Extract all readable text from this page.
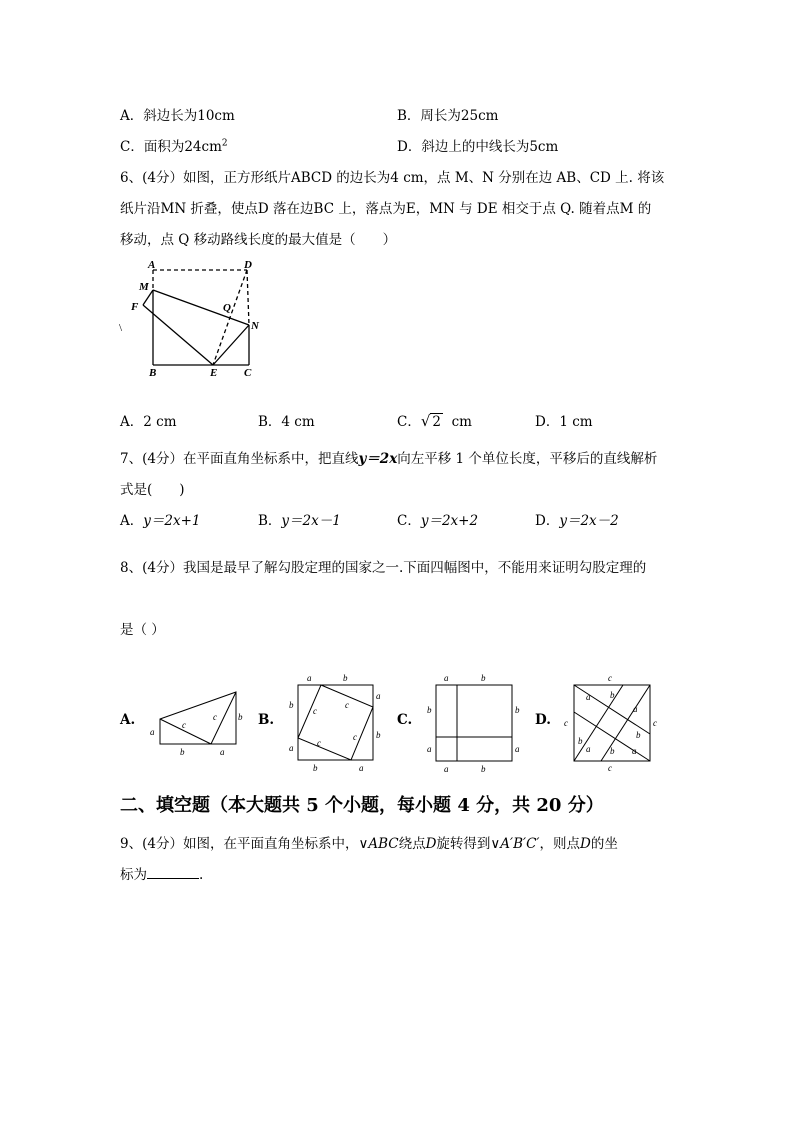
A．斜边长为10cm	B．周长为25cm
C．面积为$24cm^2$	D．斜边上的中线长为5cm
6、(4分）如图，正方形纸片ABCD 的边长为4 cm，点 M、N 分别在边 AB、CD 上. 将该
纸片沿MN 折叠，使点D 落在边BC 上，落点为E，MN 与 DE 相交于点 Q. 随着点M 的
移动，点 Q 移动路线长度的最大值是（　　）
A	D
M
F	Q
N
B	E C
\
A．2 cm	B．4 cm	C．√ 2 cm	D．1 cm
7、(4分）在平面直角坐标系中，把直线y＝2x向左平移 1 个单位长度，平移后的直线解析
式是(　　)
A．y＝2x+1	B．y＝2x－1	C．y＝2x+2	D．y＝2x－2
8、(4分）我国是最早了解勾股定理的国家之一.下面四幅图中，不能用来证明勾股定理的
是（ ）
A.	B.	C.	D.
a
c
c b
b	a
a	b
a
b
b	a
b
a
c
c
c
c
a	b
b	b
a	a
a	b
c
c	c
c
a b
a
b
b
a b a
二、填空题（本大题共 5 个小题，每小题 4 分，共 20 分）
9、(4分）如图，在平面直角坐标系中，∨ABC绕点D旋转得到∨A′B′C′，则点D的坐
标为	.
